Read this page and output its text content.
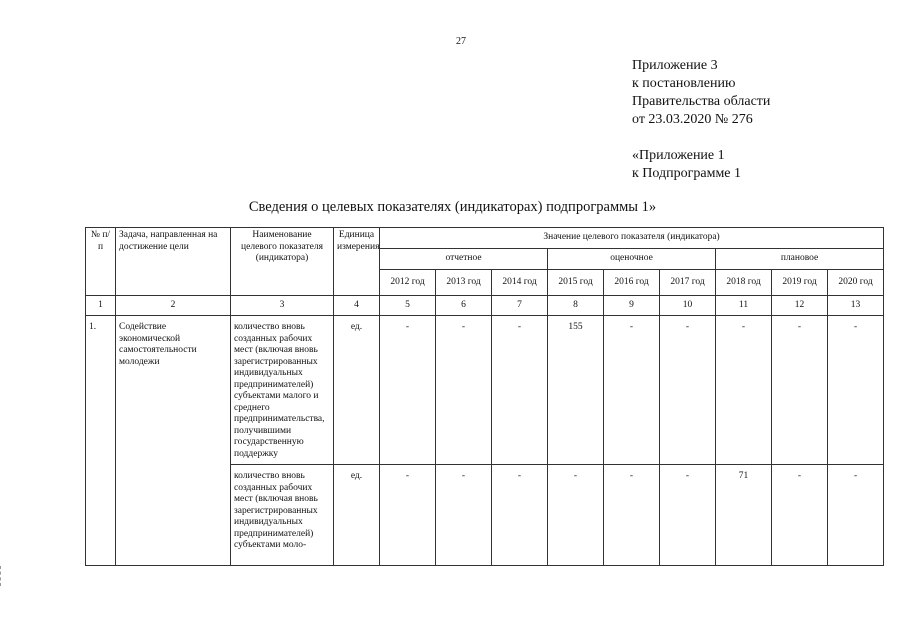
27
Приложение 3
к постановлению
Правительства области
от 23.03.2020 № 276
«Приложение 1
к Подпрограмме 1
Сведения о целевых показателях (индикаторах) подпрограммы 1»
№ п/п	Задача, направленная на достижение цели	Наименование целевого показателя (индикатора)	Единица измерения	Значение целевого показателя (индикатора)								
				отчетное			оценочное			плановое		
				2012 год	2013 год	2014 год	2015 год	2016 год	2017 год	2018 год	2019 год	2020 год
1	2	3	4	5	6	7	8	9	10	11	12	13
1.	Содействие экономической самостоятельности молодежи	количество вновь созданных рабочих мест (включая вновь зарегистрированных индивидуальных предпринимателей) субъектами малого и среднего предпринимательства, получившими государственную поддержку	ед.	-	-	-	155	-	-	-	-	-
		количество вновь созданных рабочих мест (включая вновь зарегистрированных индивидуальных предпринимателей) субъектами моло-	ед.	-	-	-	-	-	-	71	-	-
